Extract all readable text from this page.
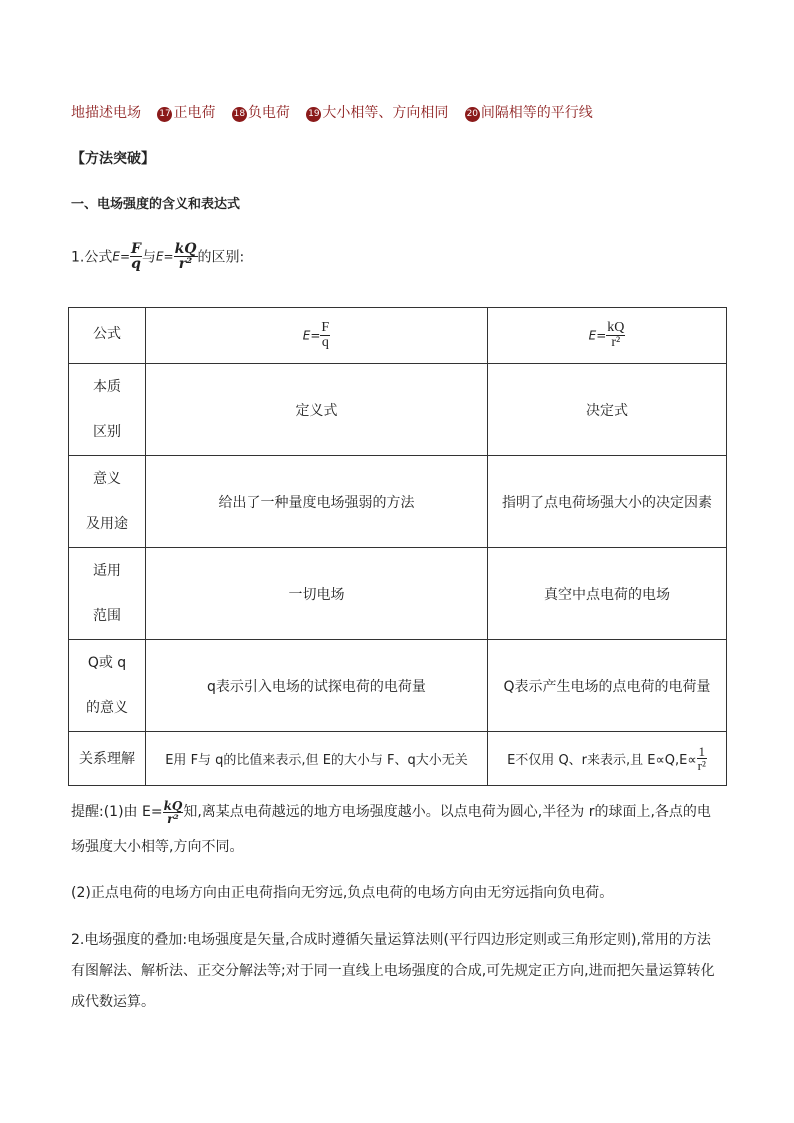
地描述电场 17 正电荷 18 负电荷 19 大小相等、方向相同 20 间隔相等的平行线
【方法突破】
一、电场强度的含义和表达式
1.公式$E= \frac{F}{q}$ 与$E= \frac{kQ}{\text{r²}}$ 的区别:
公式	$E= \frac{F}{q}$	$E= \frac{kQ}{\text{r²}}$

本质
区别	定义式	决定式

意义
及用途	给出了一种量度电场强弱的方法	指明了点电荷场强大小的决定因素

适用
范围	一切电场	真空中点电荷的电场

Q或 q
的意义	q表示引入电场的试探电荷的电荷量	Q表示产生电场的点电荷的电荷量
关系理解	E用 F与 q的比值来表示,但 E的大小与 F、q大小无关	E不仅用 Q、r来表示,且 $E\propto Q,E\propto \frac{1}{\text{r²}}$
提醒:(1)由 $E= \frac{kQ}{\text{r²}}$ 知,离某点电荷越远的地方电场强度越小。以点电荷为圆心,半径为 r的球面上,各点的电
场强度大小相等,方向不同。
(2)正点电荷的电场方向由正电荷指向无穷远,负点电荷的电场方向由无穷远指向负电荷。
2.电场强度的叠加:电场强度是矢量,合成时遵循矢量运算法则(平行四边形定则或三角形定则),常用的方法
有图解法、解析法、正交分解法等;对于同一直线上电场强度的合成,可先规定正方向,进而把矢量运算转化
成代数运算。
